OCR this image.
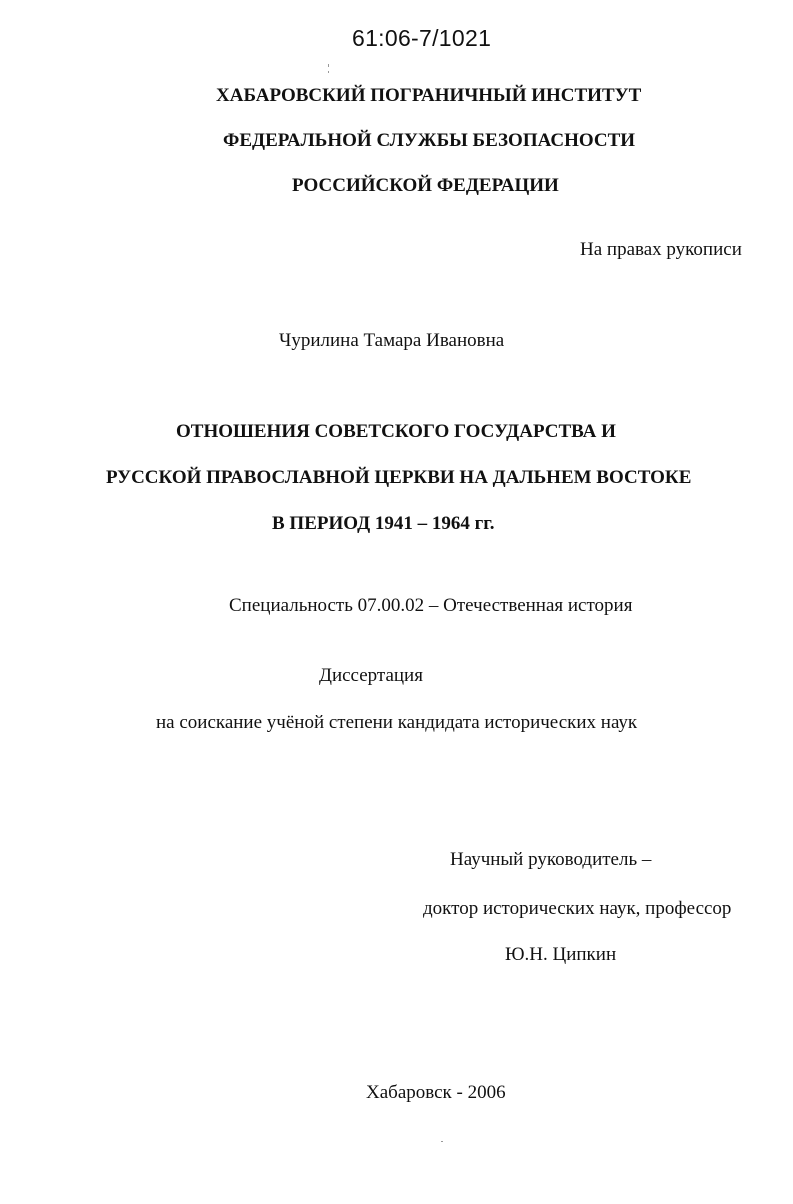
61:06-7/1021
ХАБАРОВСКИЙ ПОГРАНИЧНЫЙ ИНСТИТУТ
ФЕДЕРАЛЬНОЙ СЛУЖБЫ БЕЗОПАСНОСТИ
РОССИЙСКОЙ ФЕДЕРАЦИИ
На правах рукописи
Чурилина Тамара Ивановна
ОТНОШЕНИЯ СОВЕТСКОГО ГОСУДАРСТВА И
РУССКОЙ ПРАВОСЛАВНОЙ ЦЕРКВИ НА ДАЛЬНЕМ ВОСТОКЕ
В ПЕРИОД 1941 – 1964 гг.
Специальность 07.00.02 – Отечественная история
Диссертация
на соискание учёной степени кандидата исторических наук
Научный руководитель –
доктор исторических наук, профессор
Ю.Н. Ципкин
Хабаровск - 2006
